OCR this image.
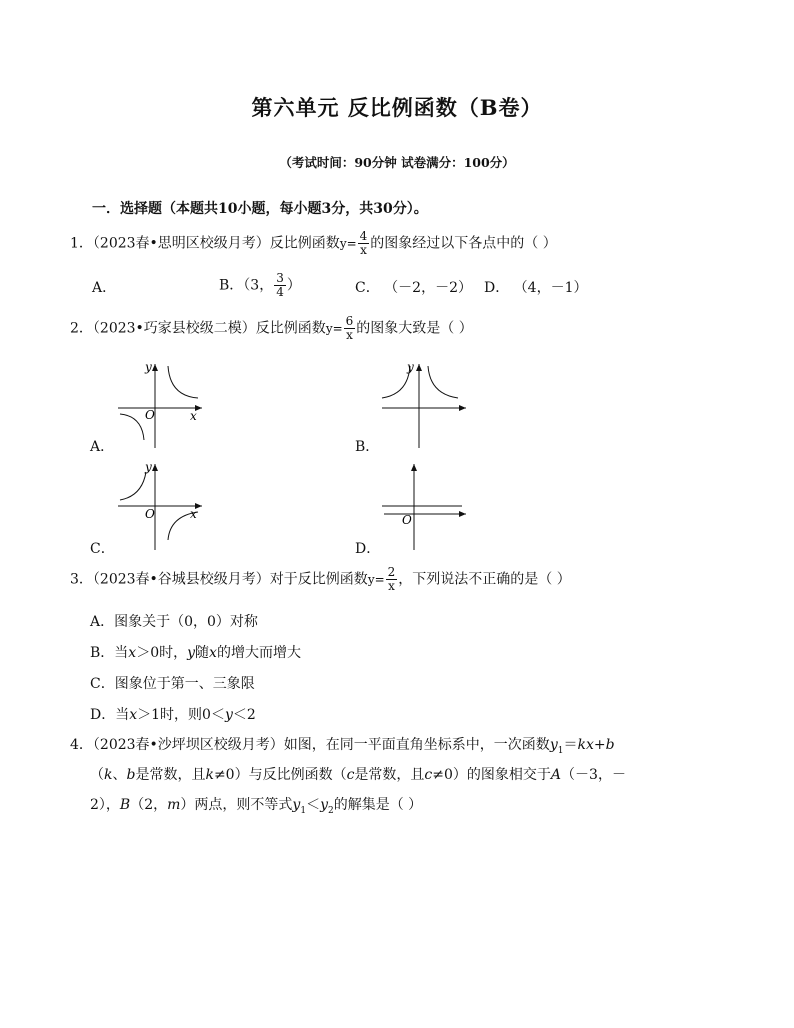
第六单元 反比例函数（B卷）
（考试时间：90分钟 试卷满分：100分）
一．选择题（本题共10小题，每小题3分，共30分）。
1．（2023春•思明区校级月考）反比例函数$y= \frac{4}{x}$ 的图象经过以下各点中的（ ）
A．	B．（3， $\frac{3}{4}$ ）	C． （－2，－2） D． （4，－1）
2．（2023•巧家县校级二模）反比例函数$y= \frac{6}{x}$ 的图象大致是（ ）
y
x
O
A．
y
B．
y
x
O
C．
O
D．
3．（2023春•谷城县校级月考）对于反比例函数$y= \frac{2}{x}$ ，下列说法不正确的是（ ）
A．图象关于（0，0）对称
B．当x＞0时，y随x的增大而增大
C．图象位于第一、三象限
D．当x＞1时，则0＜y＜2
4．（2023春•沙坪坝区校级月考）如图，在同一平面直角坐标系中，一次函数$y_1=kx+b$
（k、b是常数，且k≠0）与反比例函数（c是常数，且c≠0）的图象相交于A（－3，－
2），B（2，m）两点，则不等式$y_1<y_2$的解集是（ ）
